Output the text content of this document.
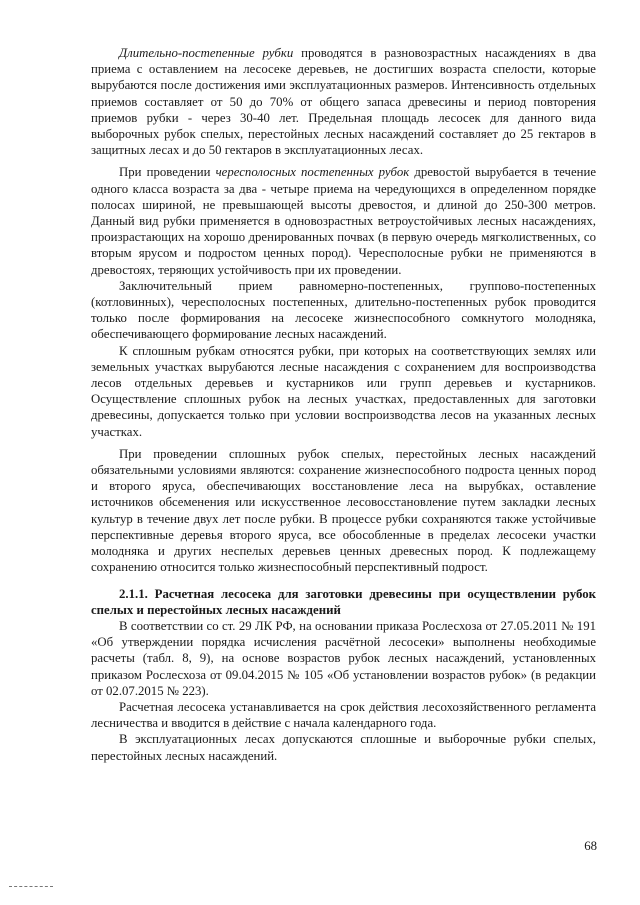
Длительно-постепенные рубки проводятся в разновозрастных насаждениях в два приема с оставлением на лесосеке деревьев, не достигших возраста спелости, которые вырубаются после достижения ими эксплуатационных размеров. Интенсивность отдельных приемов составляет от 50 до 70% от общего запаса древесины и период повторения приемов рубки - через 30-40 лет. Предельная площадь лесосек для данного вида выборочных рубок спелых, перестойных лесных насаждений составляет до 25 гектаров в защитных лесах и до 50 гектаров в эксплуатационных лесах.

При проведении чересполосных постепенных рубок древостой вырубается в течение одного класса возраста за два - четыре приема на чередующихся в определенном порядке полосах шириной, не превышающей высоты древостоя, и длиной до 250-300 метров. Данный вид рубки применяется в одновозрастных ветроустойчивых лесных насаждениях, произрастающих на хорошо дренированных почвах (в первую очередь мягколиственных, со вторым ярусом и подростом ценных пород). Чересполосные рубки не применяются в древостоях, теряющих устойчивость при их проведении.

Заключительный прием равномерно-постепенных, группово-постепенных (котловинных), чересполосных постепенных, длительно-постепенных рубок проводится только после формирования на лесосеке жизнеспособного сомкнутого молодняка, обеспечивающего формирование лесных насаждений.

К сплошным рубкам относятся рубки, при которых на соответствующих землях или земельных участках вырубаются лесные насаждения с сохранением для воспроизводства лесов отдельных деревьев и кустарников или групп деревьев и кустарников. Осуществление сплошных рубок на лесных участках, предоставленных для заготовки древесины, допускается только при условии воспроизводства лесов на указанных лесных участках.

При проведении сплошных рубок спелых, перестойных лесных насаждений обязательными условиями являются: сохранение жизнеспособного подроста ценных пород и второго яруса, обеспечивающих восстановление леса на вырубках, оставление источников обсеменения или искусственное лесовосстановление путем закладки лесных культур в течение двух лет после рубки. В процессе рубки сохраняются также устойчивые перспективные деревья второго яруса, все обособленные в пределах лесосеки участки молодняка и других неспелых деревьев ценных древесных пород. К подлежащему сохранению относится только жизнеспособный перспективный подрост.

2.1.1. Расчетная лесосека для заготовки древесины при осуществлении рубок спелых и перестойных лесных насаждений

В соответствии со ст. 29 ЛК РФ, на основании приказа Рослесхоза от 27.05.2011 № 191 «Об утверждении порядка исчисления расчётной лесосеки» выполнены необходимые расчеты (табл. 8, 9), на основе возрастов рубок лесных насаждений, установленных приказом Рослесхоза от 09.04.2015 № 105 «Об установлении возрастов рубок» (в редакции от 02.07.2015 № 223).

Расчетная лесосека устанавливается на срок действия лесохозяйственного регламента лесничества и вводится в действие с начала календарного года.

В эксплуатационных лесах допускаются сплошные и выборочные рубки спелых, перестойных лесных насаждений.

68
